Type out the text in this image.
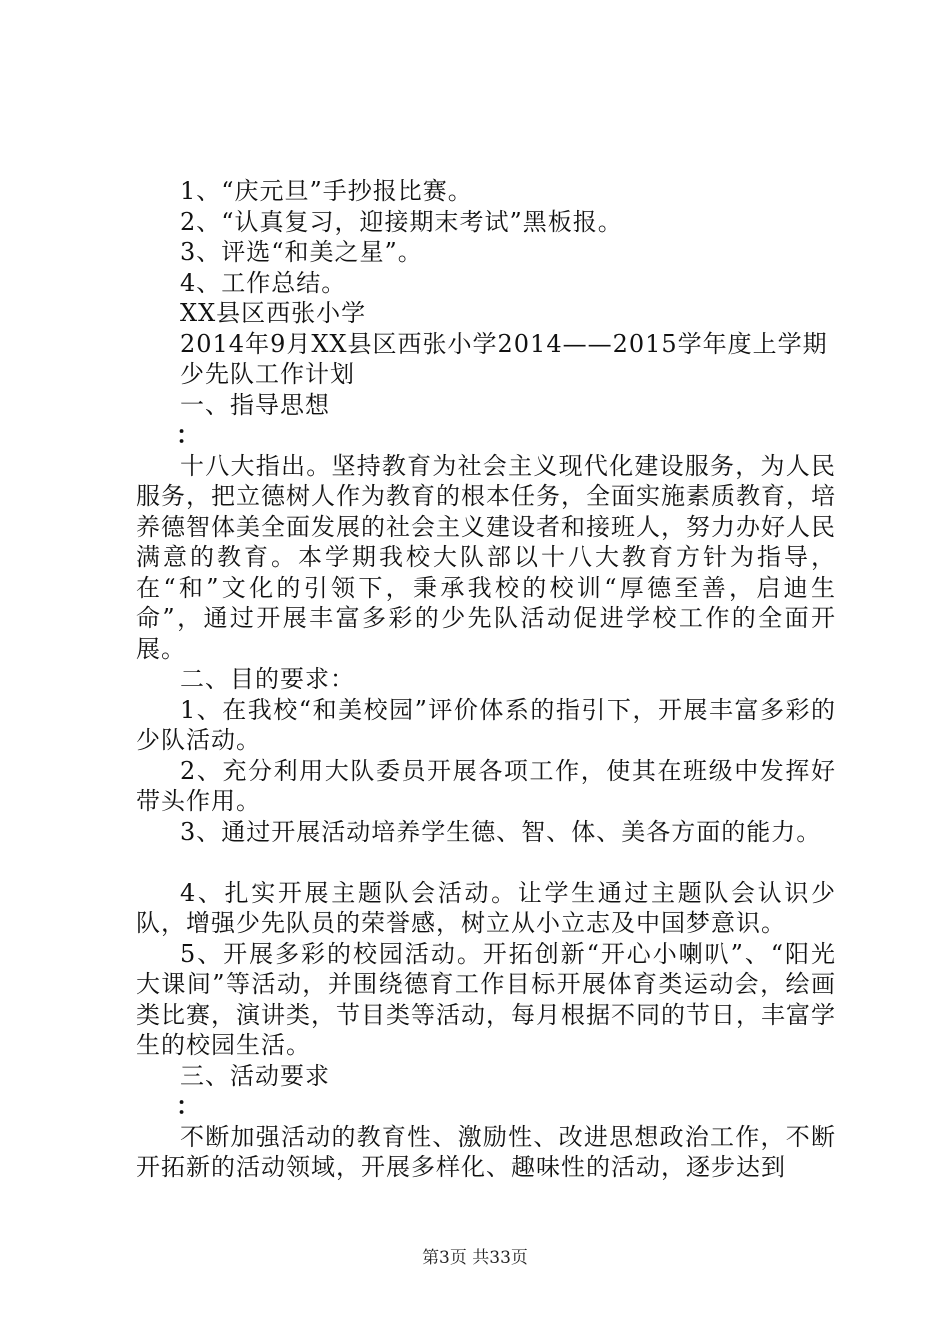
1、“庆元旦”手抄报比赛。
2、“认真复习，迎接期末考试”黑板报。
3、评选“和美之星”。
4、工作总结。
XX县区西张小学
2014年9月XX县区西张小学2014——2015学年度上学期
少先队工作计划
一、指导思想
：
十八大指出。坚持教育为社会主义现代化建设服务，为人民服务，把立德树人作为教育的根本任务，全面实施素质教育，培养德智体美全面发展的社会主义建设者和接班人，努力办好人民满意的教育。本学期我校大队部以十八大教育方针为指导，在“和”文化的引领下，秉承我校的校训“厚德至善，启迪生命”，通过开展丰富多彩的少先队活动促进学校工作的全面开展。
二、目的要求：
1、在我校“和美校园”评价体系的指引下，开展丰富多彩的少队活动。
2、充分利用大队委员开展各项工作，使其在班级中发挥好带头作用。
3、通过开展活动培养学生德、智、体、美各方面的能力。
4、扎实开展主题队会活动。让学生通过主题队会认识少队，增强少先队员的荣誉感，树立从小立志及中国梦意识。
5、开展多彩的校园活动。开拓创新“开心小喇叭”、“阳光大课间”等活动，并围绕德育工作目标开展体育类运动会，绘画类比赛，演讲类，节目类等活动，每月根据不同的节日，丰富学生的校园生活。
三、活动要求
：
不断加强活动的教育性、激励性、改进思想政治工作，不断开拓新的活动领域，开展多样化、趣味性的活动，逐步达到
第3页 共33页
